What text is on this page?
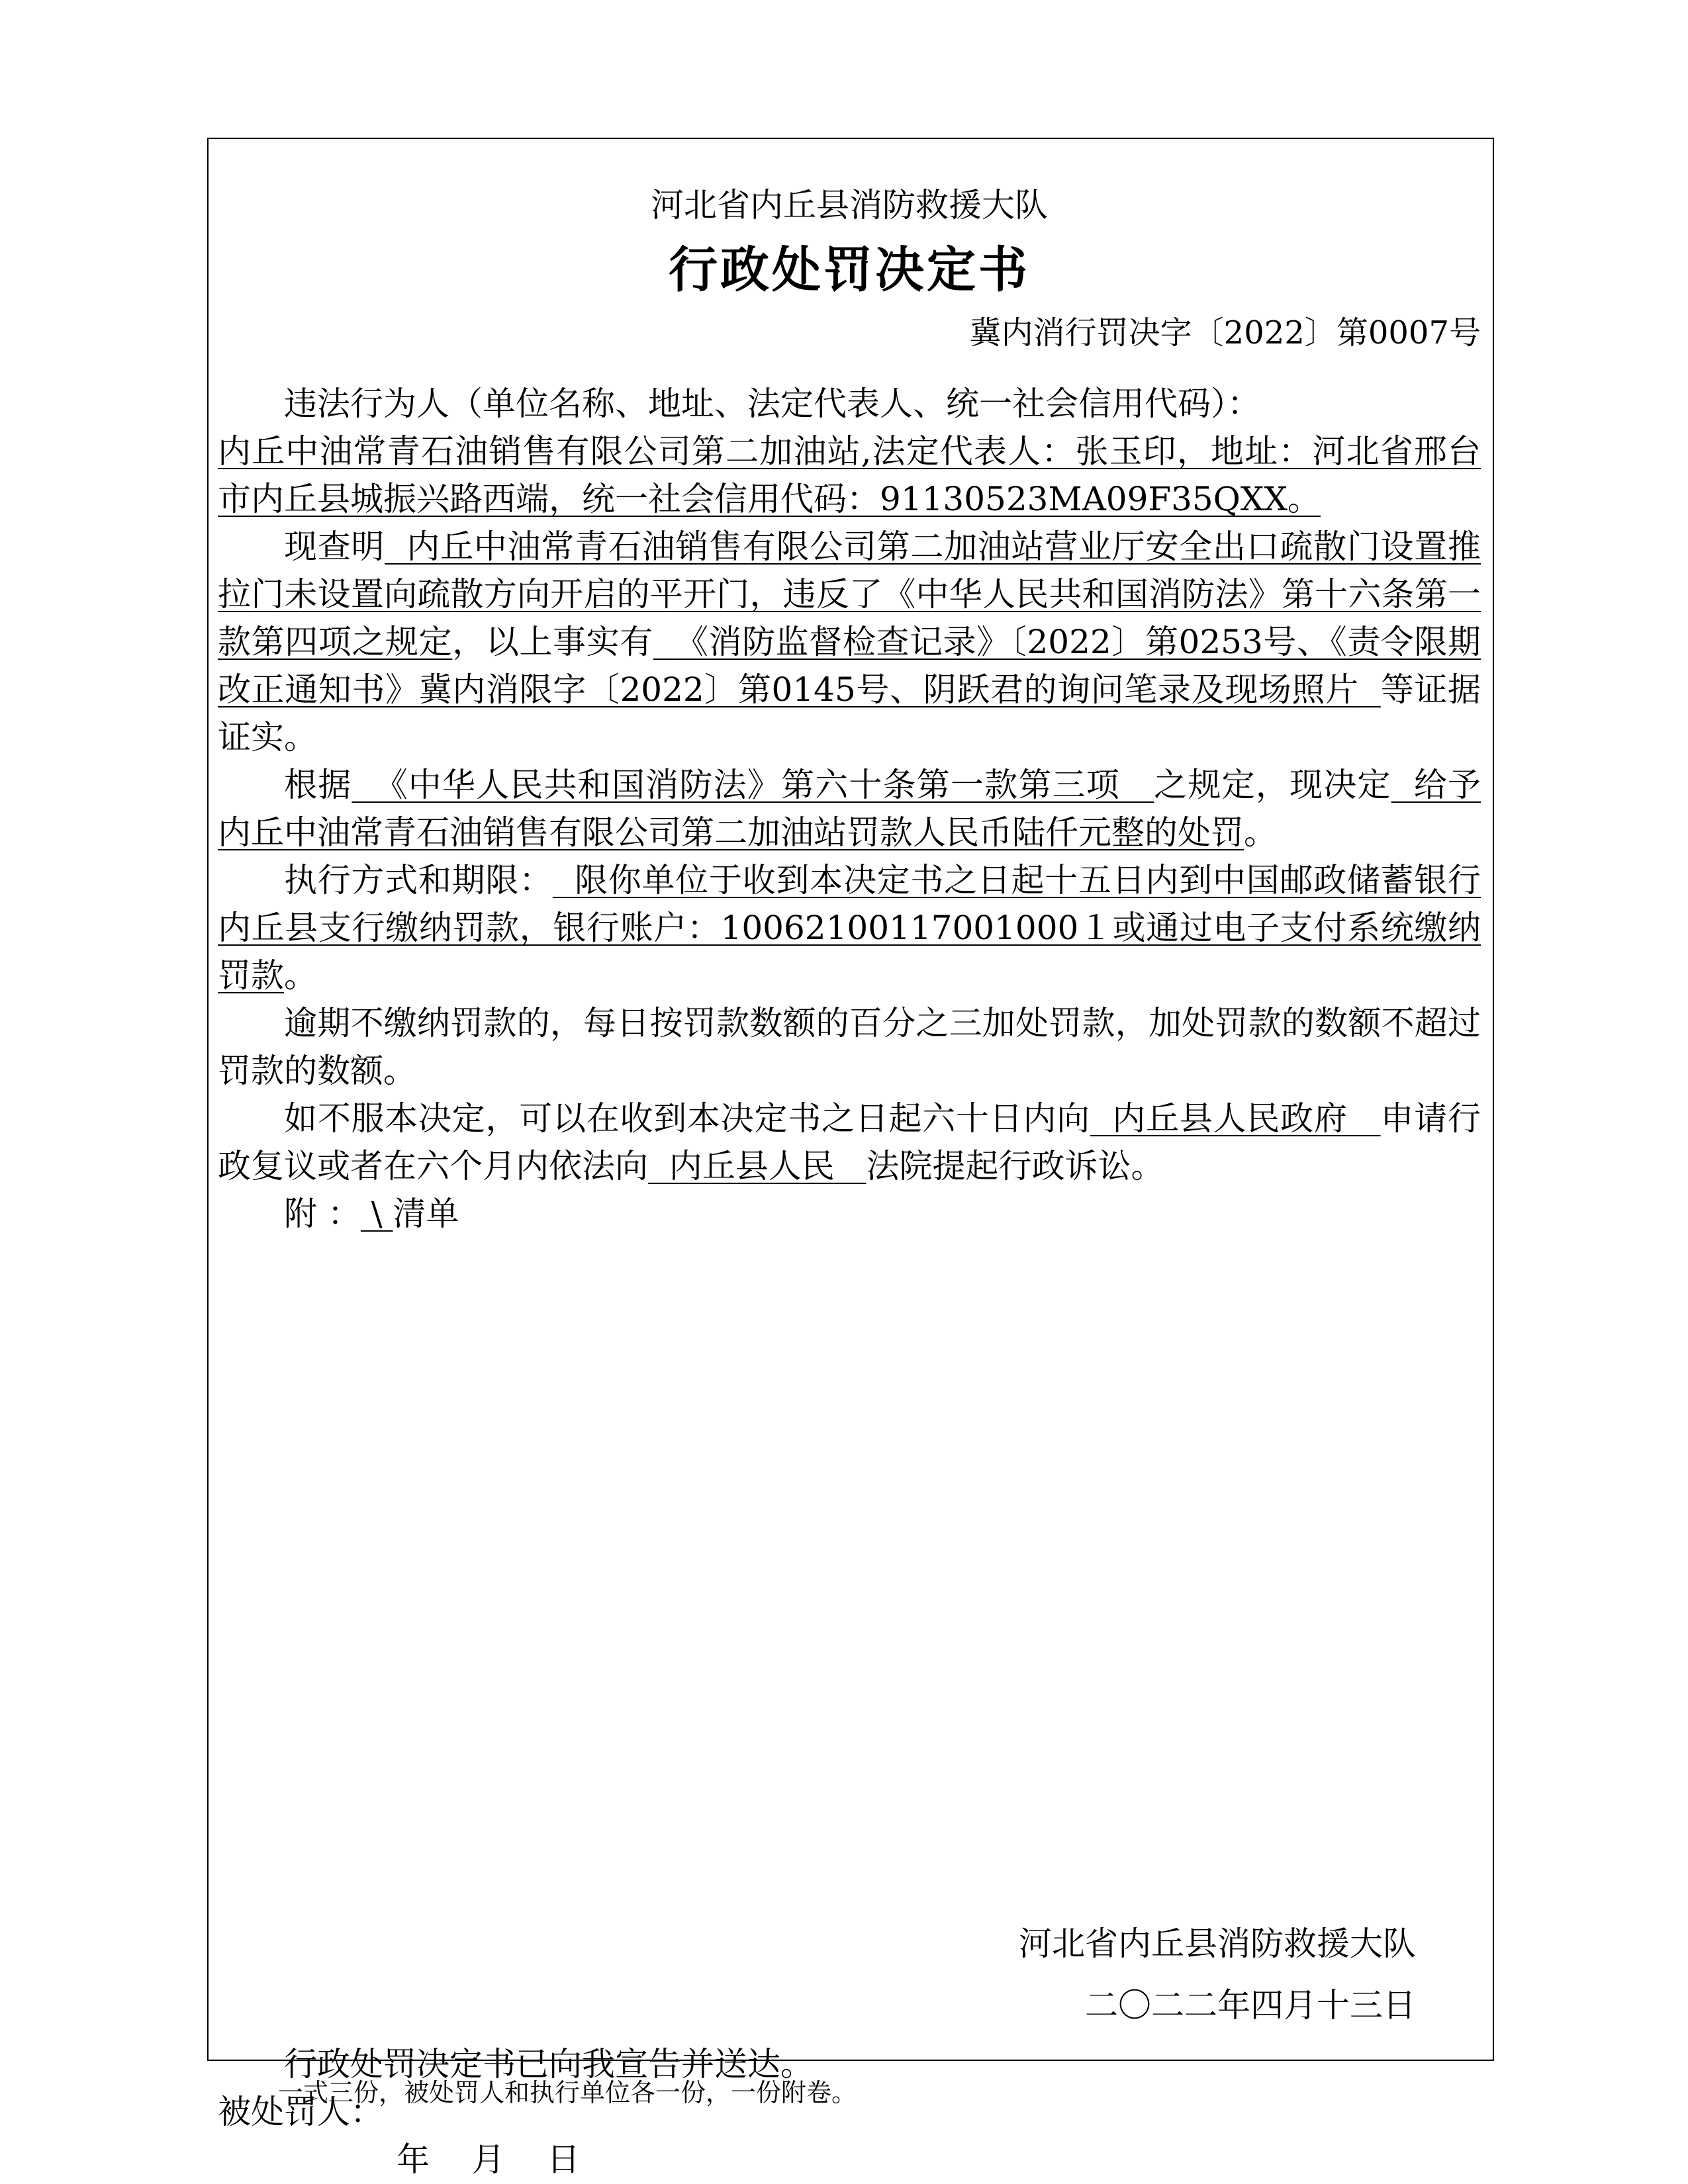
河北省内丘县消防救援大队
行政处罚决定书
冀内消行罚决字〔2022〕第0007号

违法行为人（单位名称、地址、法定代表人、统一社会信用代码）：

内丘中油常青石油销售有限公司第二加油站,法定代表人：张玉印，地址：河北省邢台市内丘县城振兴路西端，统一社会信用代码：91130523MA09F35QXX。

现查明 内丘中油常青石油销售有限公司第二加油站营业厅安全出口疏散门设置推拉门未设置向疏散方向开启的平开门，违反了《中华人民共和国消防法》第十六条第一款第四项之规定，以上事实有 《消防监督检查记录》〔2022〕第0253号、《责令限期改正通知书》冀内消限字〔2022〕第0145号、阴跃君的询问笔录及现场照片 等证据证实。

根据 《中华人民共和国消防法》第六十条第一款第三项 之规定，现决定 给予内丘中油常青石油销售有限公司第二加油站罚款人民币陆仟元整的处罚。

执行方式和期限： 限你单位于收到本决定书之日起十五日内到中国邮政储蓄银行内丘县支行缴纳罚款，银行账户：10062100117001000１或通过电子支付系统缴纳罚款。

逾期不缴纳罚款的，每日按罚款数额的百分之三加处罚款，加处罚款的数额不超过罚款的数额。

如不服本决定，可以在收到本决定书之日起六十日内向 内丘县人民政府 申请行政复议或者在六个月内依法向 内丘县人民 法院提起行政诉讼。

附 ： \ 清单

河北省内丘县消防救援大队
二〇二二年四月十三日

行政处罚决定书已向我宣告并送达。

被处罚人：

年    月    日

一式三份，被处罚人和执行单位各一份，一份附卷。
